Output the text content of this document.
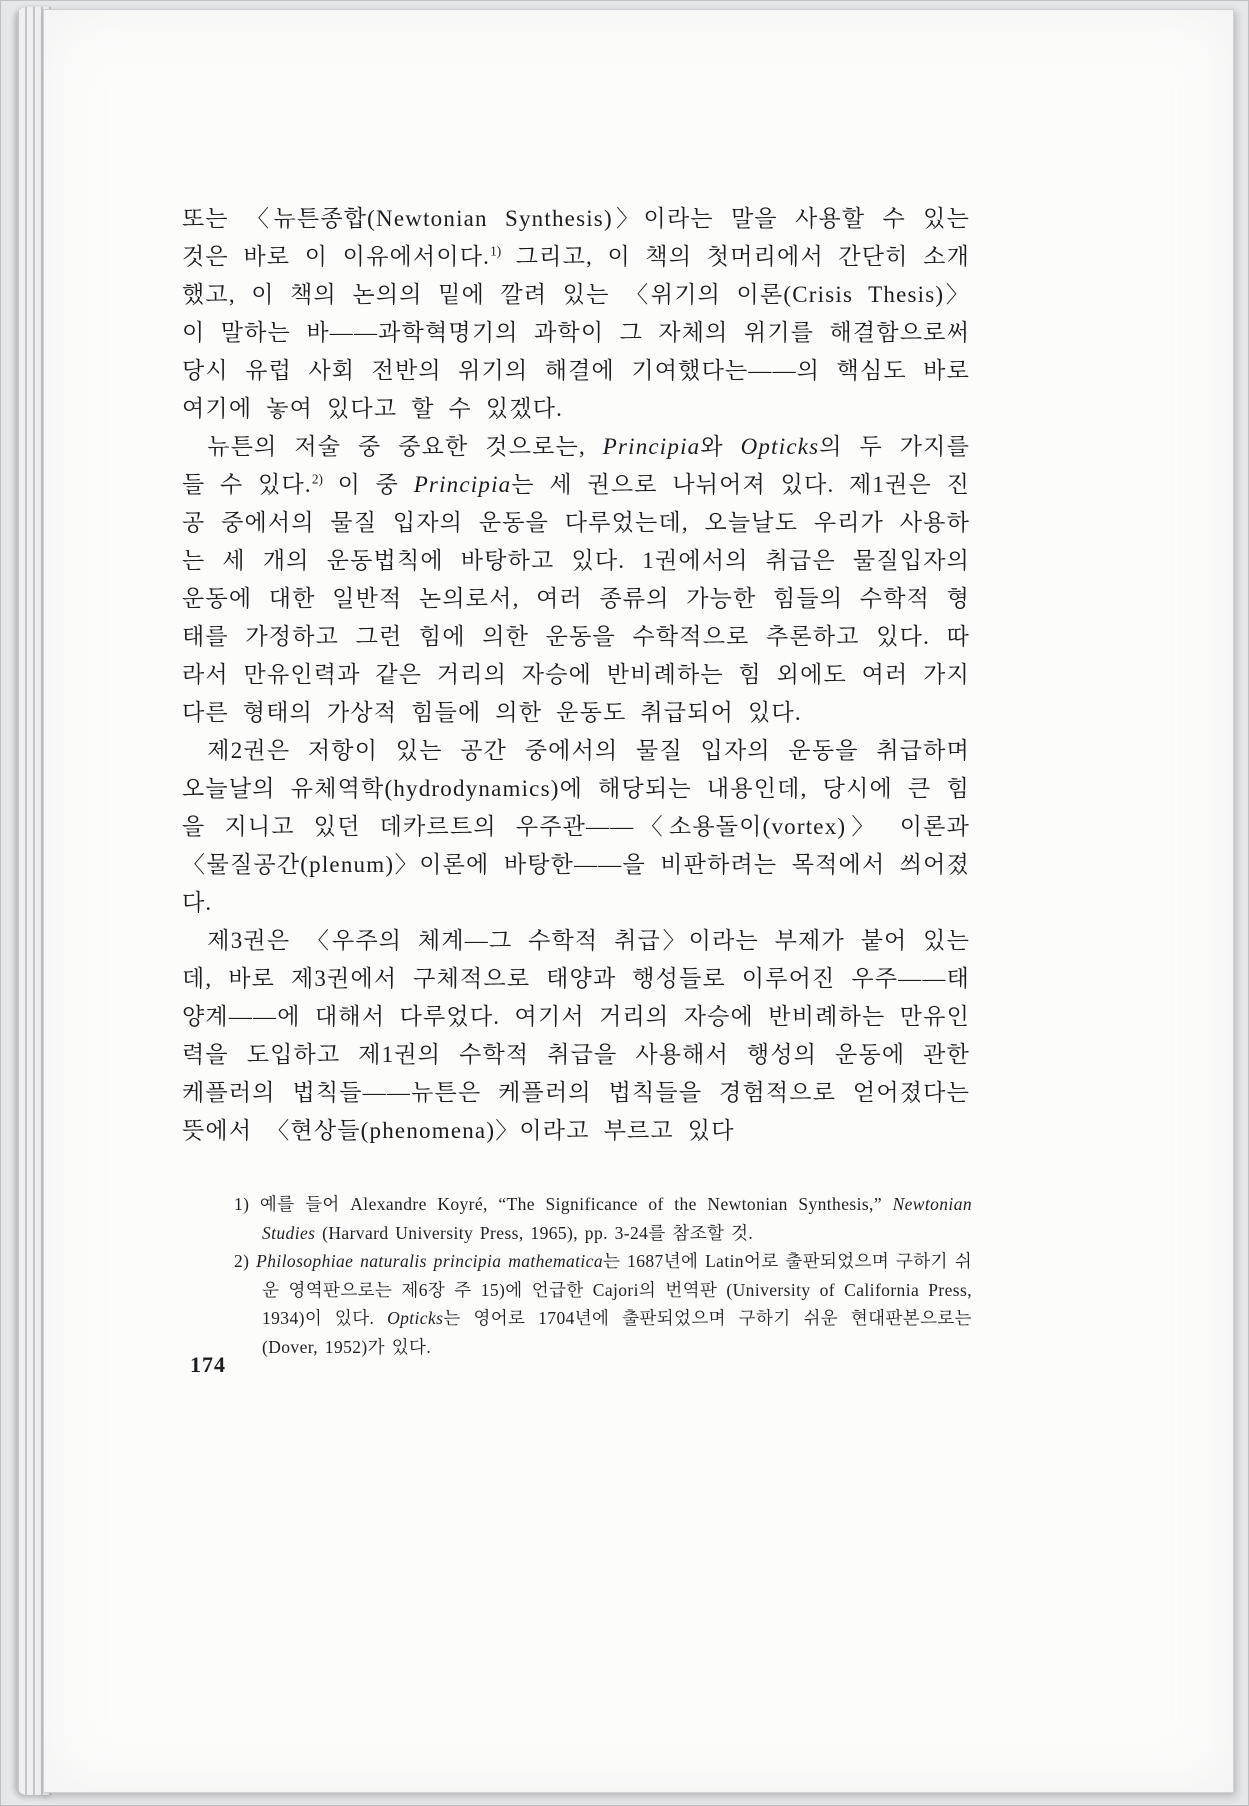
또는 〈뉴튼종합(Newtonian Synthesis)〉이라는 말을 사용할 수 있는 것은 바로 이 이유에서이다.$^{1)}$ 그리고, 이 책의 첫머리에서 간단히 소개했고, 이 책의 논의의 밑에 깔려 있는 〈위기의 이론(Crisis Thesis)〉이 말하는 바——과학혁명기의 과학이 그 자체의 위기를 해결함으로써 당시 유럽 사회 전반의 위기의 해결에 기여했다는——의 핵심도 바로 여기에 놓여 있다고 할 수 있겠다.

뉴튼의 저술 중 중요한 것으로는, Principia와 Opticks의 두 가지를 들 수 있다.$^{2)}$ 이 중 Principia는 세 권으로 나뉘어져 있다. 제1권은 진공 중에서의 물질 입자의 운동을 다루었는데, 오늘날도 우리가 사용하는 세 개의 운동법칙에 바탕하고 있다. 1권에서의 취급은 물질입자의 운동에 대한 일반적 논의로서, 여러 종류의 가능한 힘들의 수학적 형태를 가정하고 그런 힘에 의한 운동을 수학적으로 추론하고 있다. 따라서 만유인력과 같은 거리의 자승에 반비례하는 힘 외에도 여러 가지 다른 형태의 가상적 힘들에 의한 운동도 취급되어 있다.

제2권은 저항이 있는 공간 중에서의 물질 입자의 운동을 취급하며 오늘날의 유체역학(hydrodynamics)에 해당되는 내용인데, 당시에 큰 힘을 지니고 있던 데카르트의 우주관——〈소용돌이(vortex)〉 이론과 〈물질공간(plenum)〉이론에 바탕한——을 비판하려는 목적에서 씌어졌다.

제3권은 〈우주의 체계—그 수학적 취급〉이라는 부제가 붙어 있는데, 바로 제3권에서 구체적으로 태양과 행성들로 이루어진 우주——태양계——에 대해서 다루었다. 여기서 거리의 자승에 반비례하는 만유인력을 도입하고 제1권의 수학적 취급을 사용해서 행성의 운동에 관한 케플러의 법칙들——뉴튼은 케플러의 법칙들을 경험적으로 얻어졌다는 뜻에서 〈현상들(phenomena)〉이라고 부르고 있다

1) 예를 들어 Alexandre Koyré, “The Significance of the Newtonian Synthesis,” Newtonian Studies (Harvard University Press, 1965), pp. 3-24를 참조할 것.

2) Philosophiae naturalis principia mathematica는 1687년에 Latin어로 출판되었으며 구하기 쉬운 영역판으로는 제6장 주 15)에 언급한 Cajori의 번역판 (University of California Press, 1934)이 있다. Opticks는 영어로 1704년에 출판되었으며 구하기 쉬운 현대판본으로는 (Dover, 1952)가 있다.

174
